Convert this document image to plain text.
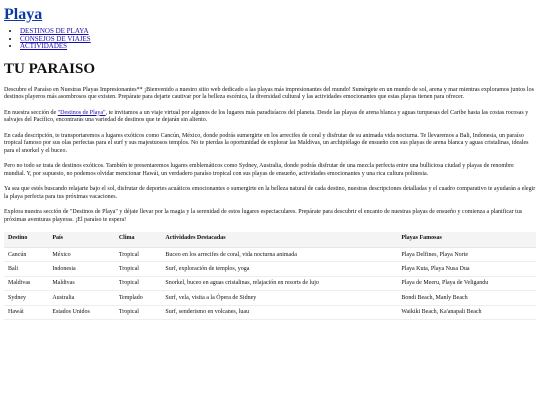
Playa
• DESTINOS DE PLAYA
• CONSEJOS DE VIAJES
• ACTIVIDADES
TU PARAISO

Descubre el Paraíso en Nuestras Playas Impresionantes** ¡Bienvenido a nuestro sitio web dedicado a las playas más impresionantes del mundo! Sumérgete en un mundo de sol, arena y mar mientras exploramos juntos los destinos playeros más asombrosos que existen. Prepárate para dejarte cautivar por la belleza escénica, la diversidad cultural y las actividades emocionantes que estas playas tienen para ofrecer.

En nuestra sección de "Destinos de Playa", te invitamos a un viaje virtual por algunos de los lugares más paradisíacos del planeta. Desde las playas de arena blanca y aguas turquesas del Caribe hasta las costas rocosas y salvajes del Pacífico, encontrarás una variedad de destinos que te dejarán sin aliento.

En cada descripción, te transportaremos a lugares exóticos como Cancún, México, donde podrás sumergirte en los arrecifes de coral y disfrutar de su animada vida nocturna. Te llevaremos a Bali, Indonesia, un paraíso tropical famoso por sus olas perfectas para el surf y sus majestuosos templos. No te pierdas la oportunidad de explorar las Maldivas, un archipiélago de ensueño con sus playas de arena blanca y aguas cristalinas, ideales para el snorkel y el buceo.

Pero no todo se trata de destinos exóticos. También te presentaremos lugares emblemáticos como Sydney, Australia, donde podrás disfrutar de una mezcla perfecta entre una bulliciosa ciudad y playas de renombre mundial. Y, por supuesto, no podemos olvidar mencionar Hawái, un verdadero paraíso tropical con sus playas de ensueño, actividades emocionantes y una rica cultura polinesia.

Ya sea que estés buscando relajarte bajo el sol, disfrutar de deportes acuáticos emocionantes o sumergirte en la belleza natural de cada destino, nuestras descripciones detalladas y el cuadro comparativo te ayudarán a elegir la playa perfecta para tus próximas vacaciones.

Explora nuestra sección de "Destinos de Playa" y déjate llevar por la magia y la serenidad de estos lugares espectaculares. Prepárate para descubrir el encanto de nuestras playas de ensueño y comienza a planificar tus próximas aventuras playeras. ¡El paraíso te espera!

Destino	País	Clima	Actividades Destacadas	Playas Famosas
Cancún	México	Tropical	Buceo en los arrecifes de coral, vida nocturna animada	Playa Delfines, Playa Norte
Bali	Indonesia	Tropical	Surf, exploración de templos, yoga	Playa Kuta, Playa Nusa Dua
Maldivas	Maldivas	Tropical	Snorkel, buceo en aguas cristalinas, relajación en resorts de lujo	Playa de Meeru, Playa de Veligandu
Sydney	Australia	Templado	Surf, vela, visita a la Ópera de Sidney	Bondi Beach, Manly Beach
Hawái	Estados Unidos	Tropical	Surf, senderismo en volcanes, luau	Waikiki Beach, Ka'anapali Beach
